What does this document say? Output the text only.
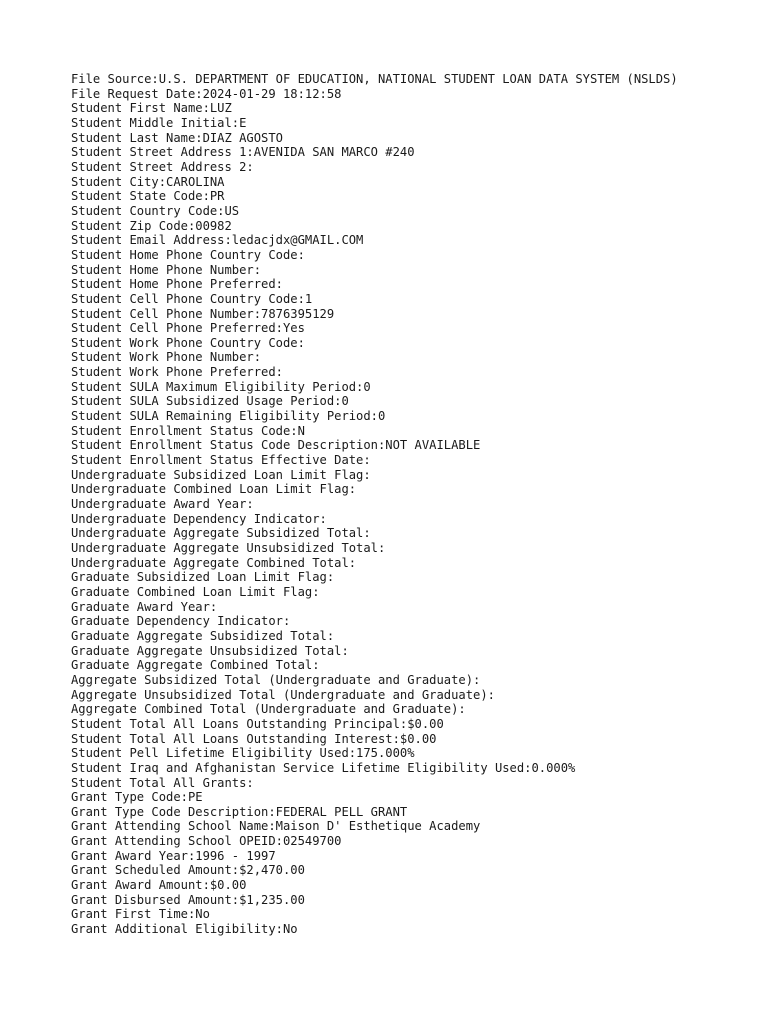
File Source:U.S. DEPARTMENT OF EDUCATION, NATIONAL STUDENT LOAN DATA SYSTEM (NSLDS)
File Request Date:2024-01-29 18:12:58
Student First Name:LUZ
Student Middle Initial:E
Student Last Name:DIAZ AGOSTO
Student Street Address 1:AVENIDA SAN MARCO #240
Student Street Address 2:
Student City:CAROLINA
Student State Code:PR
Student Country Code:US
Student Zip Code:00982
Student Email Address:ledacjdx@GMAIL.COM
Student Home Phone Country Code:
Student Home Phone Number:
Student Home Phone Preferred:
Student Cell Phone Country Code:1
Student Cell Phone Number:7876395129
Student Cell Phone Preferred:Yes
Student Work Phone Country Code:
Student Work Phone Number:
Student Work Phone Preferred:
Student SULA Maximum Eligibility Period:0
Student SULA Subsidized Usage Period:0
Student SULA Remaining Eligibility Period:0
Student Enrollment Status Code:N
Student Enrollment Status Code Description:NOT AVAILABLE
Student Enrollment Status Effective Date:
Undergraduate Subsidized Loan Limit Flag:
Undergraduate Combined Loan Limit Flag:
Undergraduate Award Year:
Undergraduate Dependency Indicator:
Undergraduate Aggregate Subsidized Total:
Undergraduate Aggregate Unsubsidized Total:
Undergraduate Aggregate Combined Total:
Graduate Subsidized Loan Limit Flag:
Graduate Combined Loan Limit Flag:
Graduate Award Year:
Graduate Dependency Indicator:
Graduate Aggregate Subsidized Total:
Graduate Aggregate Unsubsidized Total:
Graduate Aggregate Combined Total:
Aggregate Subsidized Total (Undergraduate and Graduate):
Aggregate Unsubsidized Total (Undergraduate and Graduate):
Aggregate Combined Total (Undergraduate and Graduate):
Student Total All Loans Outstanding Principal:$0.00
Student Total All Loans Outstanding Interest:$0.00
Student Pell Lifetime Eligibility Used:175.000%
Student Iraq and Afghanistan Service Lifetime Eligibility Used:0.000%
Student Total All Grants:
Grant Type Code:PE
Grant Type Code Description:FEDERAL PELL GRANT
Grant Attending School Name:Maison D' Esthetique Academy
Grant Attending School OPEID:02549700
Grant Award Year:1996 - 1997
Grant Scheduled Amount:$2,470.00
Grant Award Amount:$0.00
Grant Disbursed Amount:$1,235.00
Grant First Time:No
Grant Additional Eligibility:No
